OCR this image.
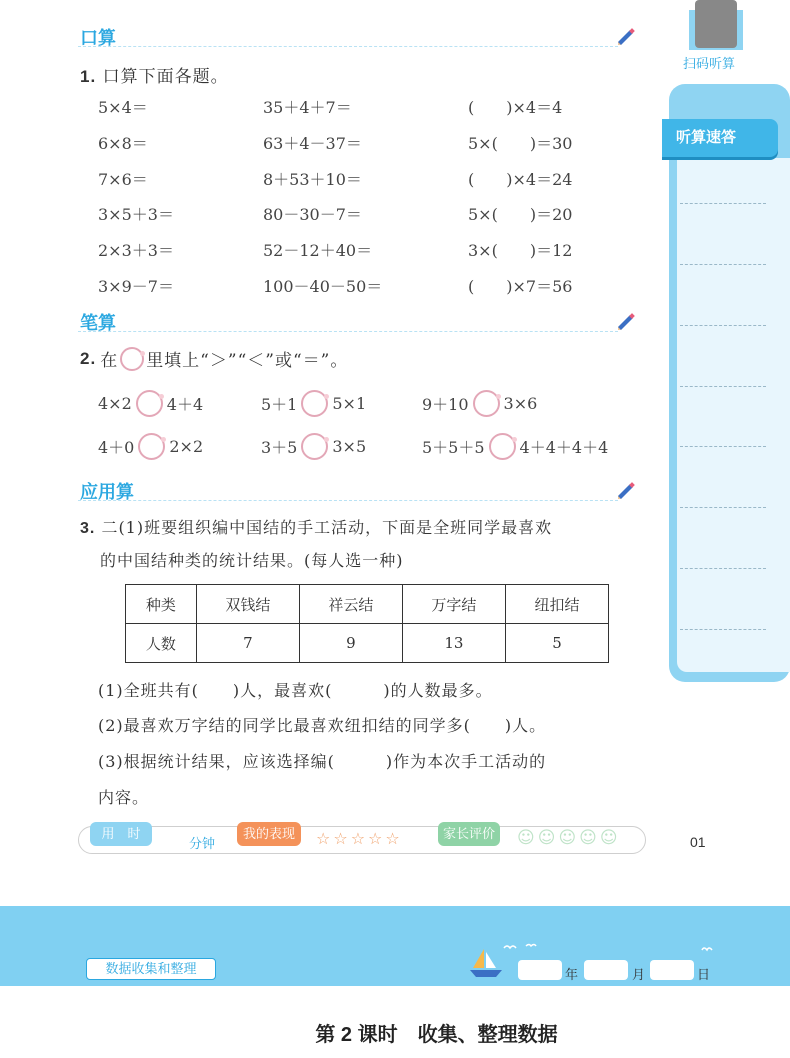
口算
1. 口算下面各题。
5×4＝	35＋4＋7＝	(　　)×4＝4
6×8＝	63＋4－37＝	5×(　　)＝30
7×6＝	8＋53＋10＝	(　　)×4＝24
3×5＋3＝	80－30－7＝	5×(　　)＝20
2×3＋3＝	52－12＋40＝	3×(　　)＝12
3×9－7＝	100－40－50＝	(　　)×7＝56
笔算
2. 在 里填上“＞”“＜”或“＝”。
4×2 4＋4	5＋1 5×1	9＋10 3×6
4＋0 2×2	3＋5 3×5	5＋5＋5 4＋4＋4＋4
应用算
3. 二(1)班要组织编中国结的手工活动，下面是全班同学最喜欢
的中国结种类的统计结果。(每人选一种)
种类	双钱结	祥云结	万字结	纽扣结
人数	7	9	13	5
(1)全班共有(　　)人，最喜欢(　　　)的人数最多。
(2)最喜欢万字结的同学比最喜欢纽扣结的同学多(　　)人。
(3)根据统计结果，应该选择编(　　　)作为本次手工活动的
内容。
用　时
分钟
我的表现	☆☆☆☆☆	家长评价 ☺☺☺☺☺	01
扫码听算
听算速答
数据收集和整理	年	月	日
第 2 课时　收集、整理数据
